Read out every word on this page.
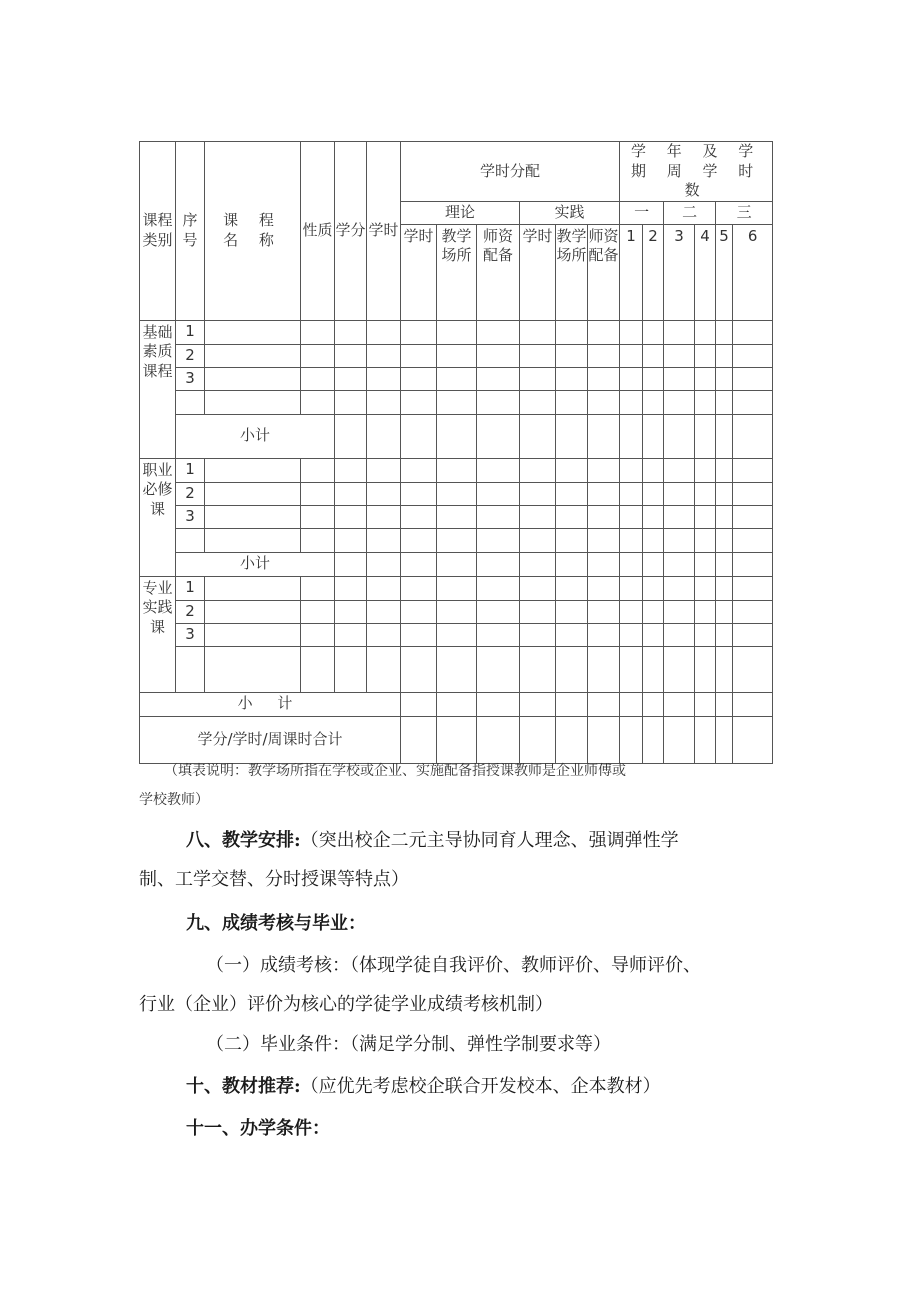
课程类别	序号	课 程 名 称	性质	学分	学时	学时分配						学 年 及 学 期 周 学 时 数						
						理论			实践			一		二		三		
						学时	教学场所	师资配备	学时	教学场所	师资配备	1	2	3	4	5	6	
基础素质课程	1																	
	2																	
	3																	

	小计																	
职业必修课	1																	
	2																	
	3																	

	小计																	
专业实践课	1																	
	2																	
	3																	

小 计																		
学分/学时/周课时合计																		
（填表说明：教学场所指在学校或企业、实施配备指授课教师是企业师傅或
学校教师）
八、教学安排:（突出校企二元主导协同育人理念、强调弹性学
制、工学交替、分时授课等特点）
九、成绩考核与毕业：
（一）成绩考核：（体现学徒自我评价、教师评价、导师评价、
行业（企业）评价为核心的学徒学业成绩考核机制）
（二）毕业条件：（满足学分制、弹性学制要求等）
十、教材推荐:（应优先考虑校企联合开发校本、企本教材）
十一、办学条件：
